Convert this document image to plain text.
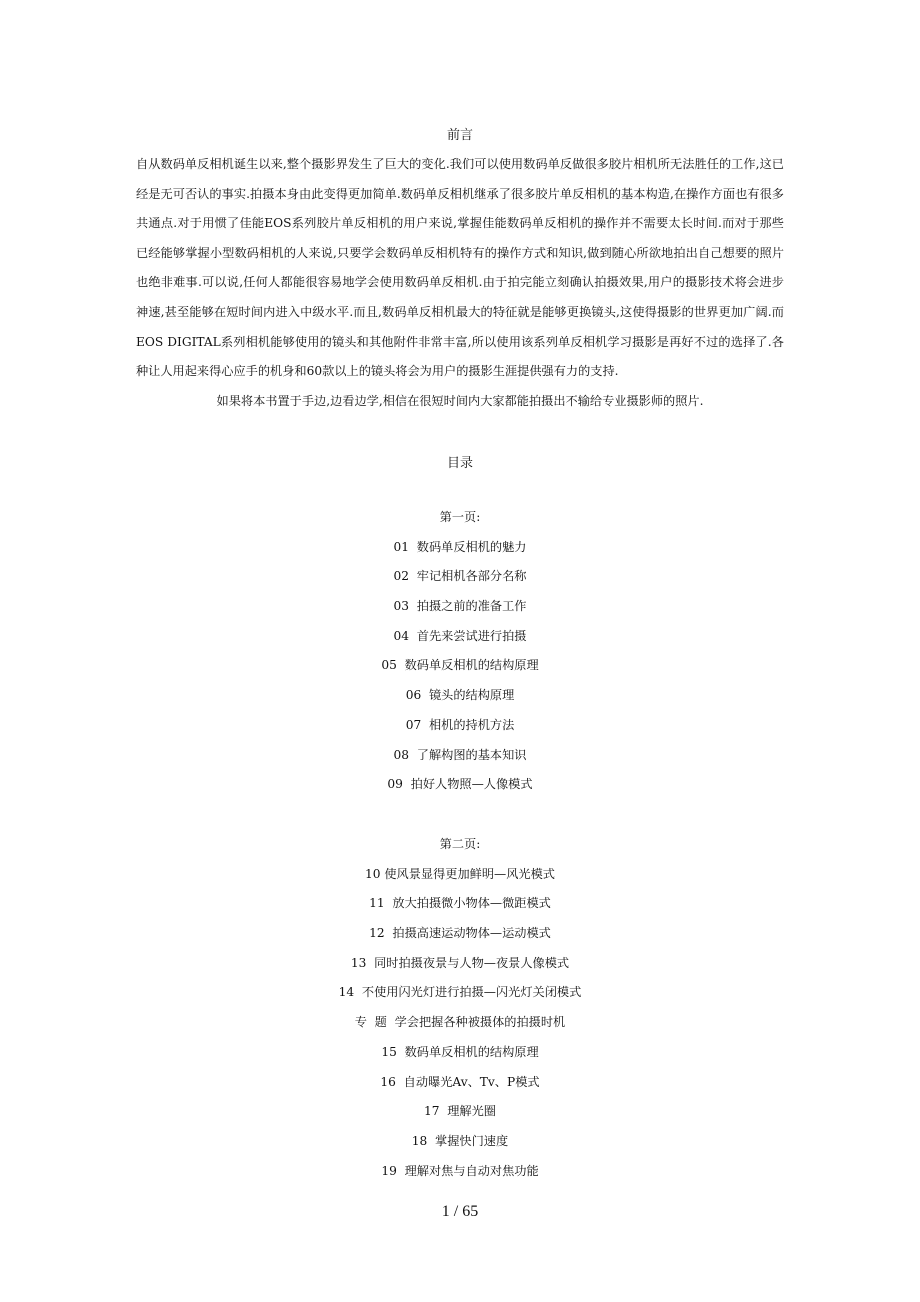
前言

自从数码单反相机诞生以来,整个摄影界发生了巨大的变化.我们可以使用数码单反做很多胶片相机所无法胜任的工作,这已经是无可否认的事实.拍摄本身由此变得更加简单.数码单反相机继承了很多胶片单反相机的基本构造,在操作方面也有很多共通点.对于用惯了佳能EOS系列胶片单反相机的用户来说,掌握佳能数码单反相机的操作并不需要太长时间.而对于那些已经能够掌握小型数码相机的人来说,只要学会数码单反相机特有的操作方式和知识,做到随心所欲地拍出自己想要的照片也绝非难事.可以说,任何人都能很容易地学会使用数码单反相机.由于拍完能立刻确认拍摄效果,用户的摄影技术将会进步神速,甚至能够在短时间内进入中级水平.而且,数码单反相机最大的特征就是能够更换镜头,这使得摄影的世界更加广阔.而EOS DIGITAL系列相机能够使用的镜头和其他附件非常丰富,所以使用该系列单反相机学习摄影是再好不过的选择了.各种让人用起来得心应手的机身和60款以上的镜头将会为用户的摄影生涯提供强有力的支持.

如果将本书置于手边,边看边学,相信在很短时间内大家都能拍摄出不输给专业摄影师的照片.

目录
第一页:
01  数码单反相机的魅力
02  牢记相机各部分名称
03  拍摄之前的准备工作
04  首先来尝试进行拍摄
05  数码单反相机的结构原理
06  镜头的结构原理
07  相机的持机方法
08  了解构图的基本知识
09  拍好人物照—人像模式
第二页:
10 使风景显得更加鲜明—风光模式
11  放大拍摄微小物体—微距模式
12  拍摄高速运动物体—运动模式
13  同时拍摄夜景与人物—夜景人像模式
14  不使用闪光灯进行拍摄—闪光灯关闭模式
专  题  学会把握各种被摄体的拍摄时机
15  数码单反相机的结构原理
16  自动曝光Av、Tv、P模式
17  理解光圈
18  掌握快门速度
19  理解对焦与自动对焦功能
1 / 65
